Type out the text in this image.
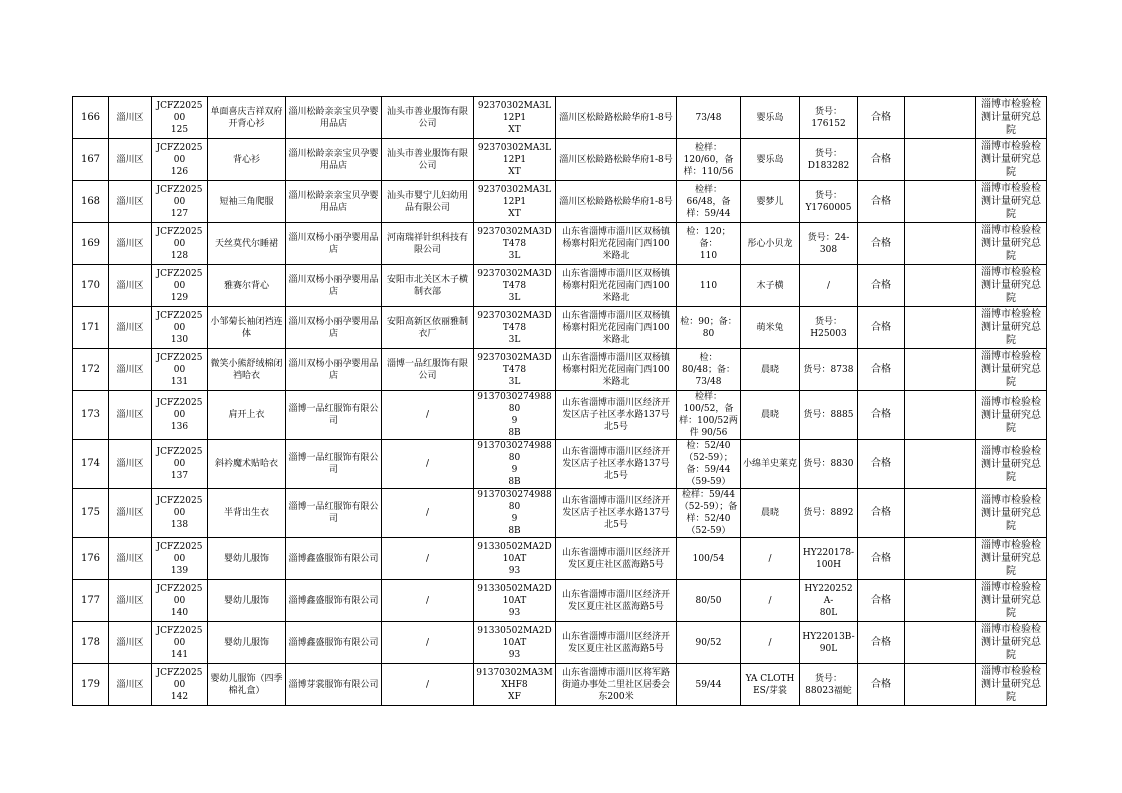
166	淄川区	JCFZ202500
125	单面喜庆吉祥双府开背心衫	淄川松龄亲亲宝贝孕婴用品店	汕头市善业服饰有限公司	92370302MA3L12P1
XT	淄川区松龄路松龄华府1-8号	73/48	婴乐岛	货号：
176152	合格		淄博市检验检测计量研究总院
167	淄川区	JCFZ202500
126	背心衫	淄川松龄亲亲宝贝孕婴用品店	汕头市善业服饰有限公司	92370302MA3L12P1
XT	淄川区松龄路松龄华府1-8号	检样：
120/60，备样：110/56	婴乐岛	货号：
D183282	合格		淄博市检验检测计量研究总院
168	淄川区	JCFZ202500
127	短袖三角爬服	淄川松龄亲亲宝贝孕婴用品店	汕头市婴宁儿妇幼用品有限公司	92370302MA3L12P1
XT	淄川区松龄路松龄华府1-8号	检样：
66/48，备样：59/44	婴梦儿	货号：
Y1760005	合格		淄博市检验检测计量研究总院
169	淄川区	JCFZ202500
128	天丝莫代尔睡裙	淄川双杨小丽孕婴用品店	河南瑞祥针织科技有限公司	92370302MA3DT478
3L	山东省淄博市淄川区双杨镇杨寨村阳光花园南门西100米路北	检：120；备：
110	彤心小贝龙	货号：24-
308	合格		淄博市检验检测计量研究总院
170	淄川区	JCFZ202500
129	雅赛尔背心	淄川双杨小丽孕婴用品店	安阳市北关区木子横制衣部	92370302MA3DT478
3L	山东省淄博市淄川区双杨镇杨寨村阳光花园南门西100米路北	110	木子横	/	合格		淄博市检验检测计量研究总院
171	淄川区	JCFZ202500
130	小邹菊长袖闭裆连体	淄川双杨小丽孕婴用品店	安阳高新区依丽雅制衣厂	92370302MA3DT478
3L	山东省淄博市淄川区双杨镇杨寨村阳光花园南门西100米路北	检：90；备：
80	萌米兔	货号：
H25003	合格		淄博市检验检测计量研究总院
172	淄川区	JCFZ202500
131	微笑小熊舒绒棉闭裆哈衣	淄川双杨小丽孕婴用品店	淄博一品红服饰有限公司	92370302MA3DT478
3L	山东省淄博市淄川区双杨镇杨寨村阳光花园南门西100米路北	检：
80/48；备：
73/48	晨晓	货号：8738	合格		淄博市检验检测计量研究总院
173	淄川区	JCFZ202500
136	肩开上衣	淄博一品红服饰有限公司	/	913703027498880
9
8B	山东省淄博市淄川区经济开发区店子社区孝水路137号北5号	检样：
100/52，备样：100/52两件 90/56	晨晓	货号：8885	合格		淄博市检验检测计量研究总院
174	淄川区	JCFZ202500
137	斜衿魔术贴哈衣	淄博一品红服饰有限公司	/	913703027498880
9
8B	山东省淄博市淄川区经济开发区店子社区孝水路137号北5号	检：52/40
（52-59）；备：59/44
（59-59）	小绵羊史莱克	货号：8830	合格		淄博市检验检测计量研究总院
175	淄川区	JCFZ202500
138	半背出生衣	淄博一品红服饰有限公司	/	913703027498880
9
8B	山东省淄博市淄川区经济开发区店子社区孝水路137号北5号	检样：59/44
（52-59）；备样：52/40
（52-59）	晨晓	货号：8892	合格		淄博市检验检测计量研究总院
176	淄川区	JCFZ202500
139	婴幼儿服饰	淄博鑫盛服饰有限公司	/	91330502MA2D10AT
93	山东省淄博市淄川区经济开发区夏庄社区蓝海路5号	100/54	/	HY220178-
100H	合格		淄博市检验检测计量研究总院
177	淄川区	JCFZ202500
140	婴幼儿服饰	淄博鑫盛服饰有限公司	/	91330502MA2D10AT
93	山东省淄博市淄川区经济开发区夏庄社区蓝海路5号	80/50	/	HY220252A-
80L	合格		淄博市检验检测计量研究总院
178	淄川区	JCFZ202500
141	婴幼儿服饰	淄博鑫盛服饰有限公司	/	91330502MA2D10AT
93	山东省淄博市淄川区经济开发区夏庄社区蓝海路5号	90/52	/	HY22013B-
90L	合格		淄博市检验检测计量研究总院
179	淄川区	JCFZ202500
142	婴幼儿服饰（四季棉礼盒）	淄博芽裳服饰有限公司	/	91370302MA3MXHF8
XF	山东省淄博市淄川区将军路街道办事处二里社区居委会东200米	59/44	YA CLOTHES/芽裳	货号：
88023福蛇	合格		淄博市检验检测计量研究总院
